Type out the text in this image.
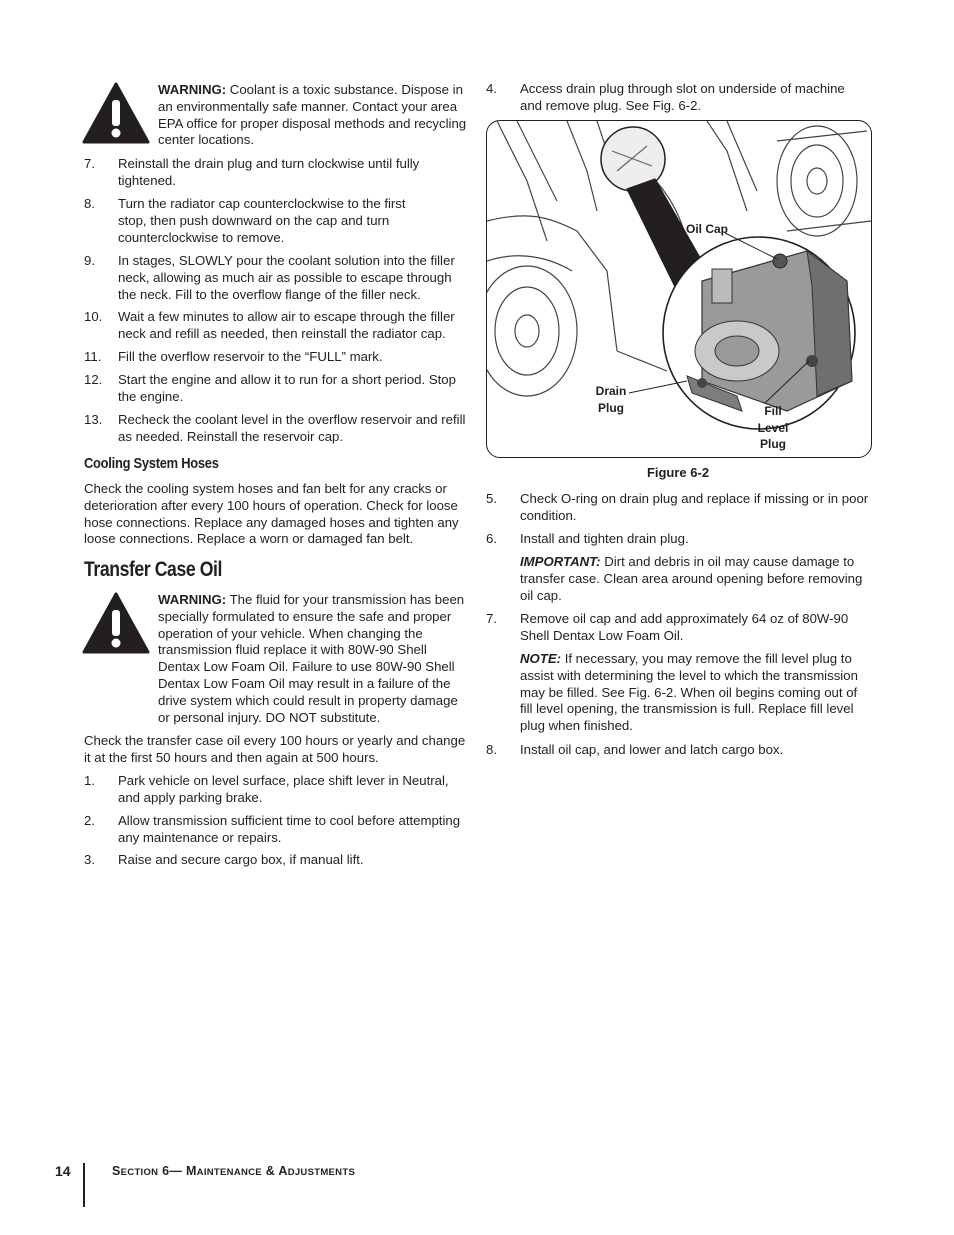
WARNING: Coolant is a toxic substance. Dispose in an environmentally safe manner. Contact your area EPA office for proper disposal methods and recycling center locations.
7. Reinstall the drain plug and turn clockwise until fully tightened.
8. Turn the radiator cap counterclockwise to the first stop, then push downward on the cap and turn counterclockwise to remove.
9. In stages, SLOWLY pour the coolant solution into the filler neck, allowing as much air as possible to escape through the neck. Fill to the overflow flange of the filler neck.
10. Wait a few minutes to allow air to escape through the filler neck and refill as needed, then reinstall the radiator cap.
11. Fill the overflow reservoir to the “FULL” mark.
12. Start the engine and allow it to run for a short period. Stop the engine.
13. Recheck the coolant level in the overflow reservoir and refill as needed. Reinstall the reservoir cap.
Cooling System Hoses
Check the cooling system hoses and fan belt for any cracks or deterioration after every 100 hours of operation. Check for loose hose connections. Replace any damaged hoses and tighten any loose connections. Replace a worn or damaged fan belt.
Transfer Case Oil
WARNING: The fluid for your transmission has been specially formulated to ensure the safe and proper operation of your vehicle. When changing the transmission fluid replace it with 80W-90 Shell Dentax Low Foam Oil. Failure to use 80W-90 Shell Dentax Low Foam Oil may result in a failure of the drive system which could result in property damage or personal injury. DO NOT substitute.
Check the transfer case oil every 100 hours or yearly and change it at the first 50 hours and then again at 500 hours.
1. Park vehicle on level surface, place shift lever in Neutral, and apply parking brake.
2. Allow transmission sufficient time to cool before attempting any maintenance or repairs.
3. Raise and secure cargo box, if manual lift.
4. Access drain plug through slot on underside of machine and remove plug. See Fig. 6-2.
Oil Cap
Drain
Plug	Fill
Level
Plug
Figure 6-2
5. Check O-ring on drain plug and replace if missing or in poor condition.
6. Install and tighten drain plug.
IMPORTANT: Dirt and debris in oil may cause damage to transfer case. Clean area around opening before removing oil cap.
7. Remove oil cap and add approximately 64 oz of 80W-90 Shell Dentax Low Foam Oil.
NOTE: If necessary, you may remove the fill level plug to assist with determining the level to which the transmission may be filled. See Fig. 6-2. When oil begins coming out of fill level opening, the transmission is full. Replace fill level plug when finished.
8. Install oil cap, and lower and latch cargo box.
14	SECTION 6— MAINTENANCE & ADJUSTMENTS
